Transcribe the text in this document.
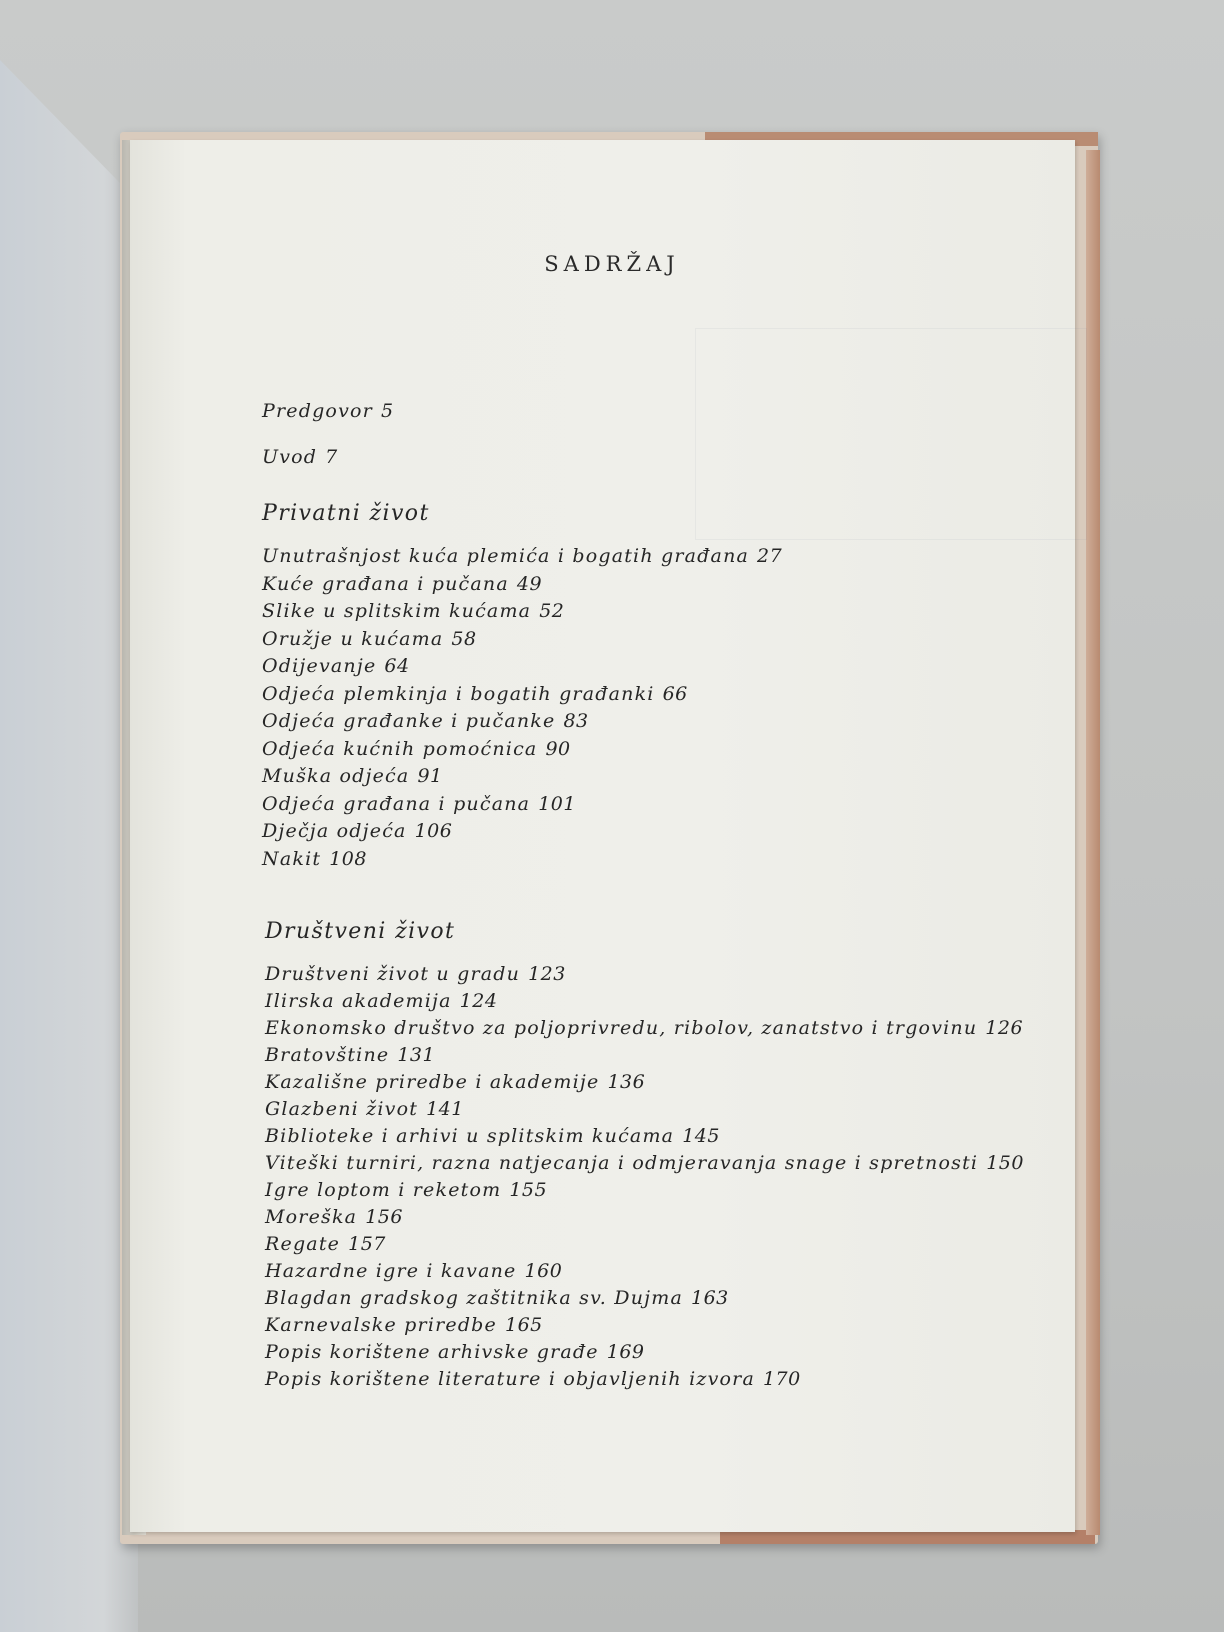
SADRŽAJ
Predgovor 5
Uvod 7
Privatni život
Unutrašnjost kuća plemića i bogatih građana 27
Kuće građana i pučana 49
Slike u splitskim kućama 52
Oružje u kućama 58
Odijevanje 64
Odjeća plemkinja i bogatih građanki 66
Odjeća građanke i pučanke 83
Odjeća kućnih pomoćnica 90
Muška odjeća 91
Odjeća građana i pučana 101
Dječja odjeća 106
Nakit 108
Društveni život
Društveni život u gradu 123
Ilirska akademija 124
Ekonomsko društvo za poljoprivredu, ribolov, zanatstvo i trgovinu 126
Bratovštine 131
Kazališne priredbe i akademije 136
Glazbeni život 141
Biblioteke i arhivi u splitskim kućama 145
Viteški turniri, razna natjecanja i odmjeravanja snage i spretnosti 150
Igre loptom i reketom 155
Moreška 156
Regate 157
Hazardne igre i kavane 160
Blagdan gradskog zaštitnika sv. Dujma 163
Karnevalske priredbe 165
Popis korištene arhivske građe 169
Popis korištene literature i objavljenih izvora 170
